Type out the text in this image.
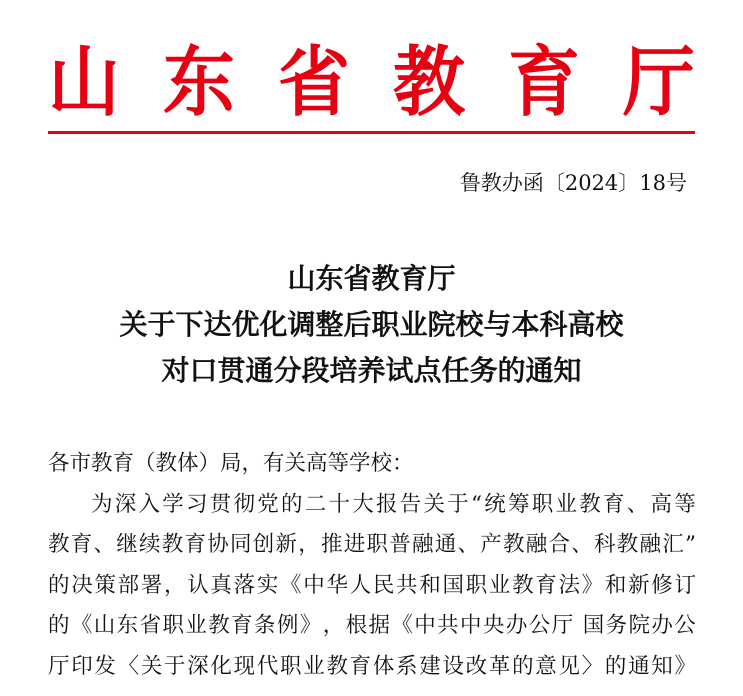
山 东 省 教 育 厅
鲁教办函〔2024〕18号
山东省教育厅
关于下达优化调整后职业院校与本科高校
对口贯通分段培养试点任务的通知
各市教育（教体）局，有关高等学校：
为 深 入 学 习 贯 彻 党 的 二 十 大 报 告 关 于 “ 统 筹 职 业 教 育 、 高 等
教 育 、 继 续 教 育 协 同 创 新 ， 推 进 职 普 融 通 、 产 教 融 合 、 科 教 融 汇 ”
的 决 策 部 署 ， 认 真 落 实 《 中 华 人 民 共 和 国 职 业 教 育 法 》 和 新 修 订
的 《 山 东 省 职 业 教 育 条 例 》 ， 根 据 《 中 共 中 央 办 公 厅
国 务 院 办 公
厅 印 发 〈 关 于 深 化 现 代 职 业 教 育 体 系 建 设 改 革 的 意 见 〉 的 通 知 》
